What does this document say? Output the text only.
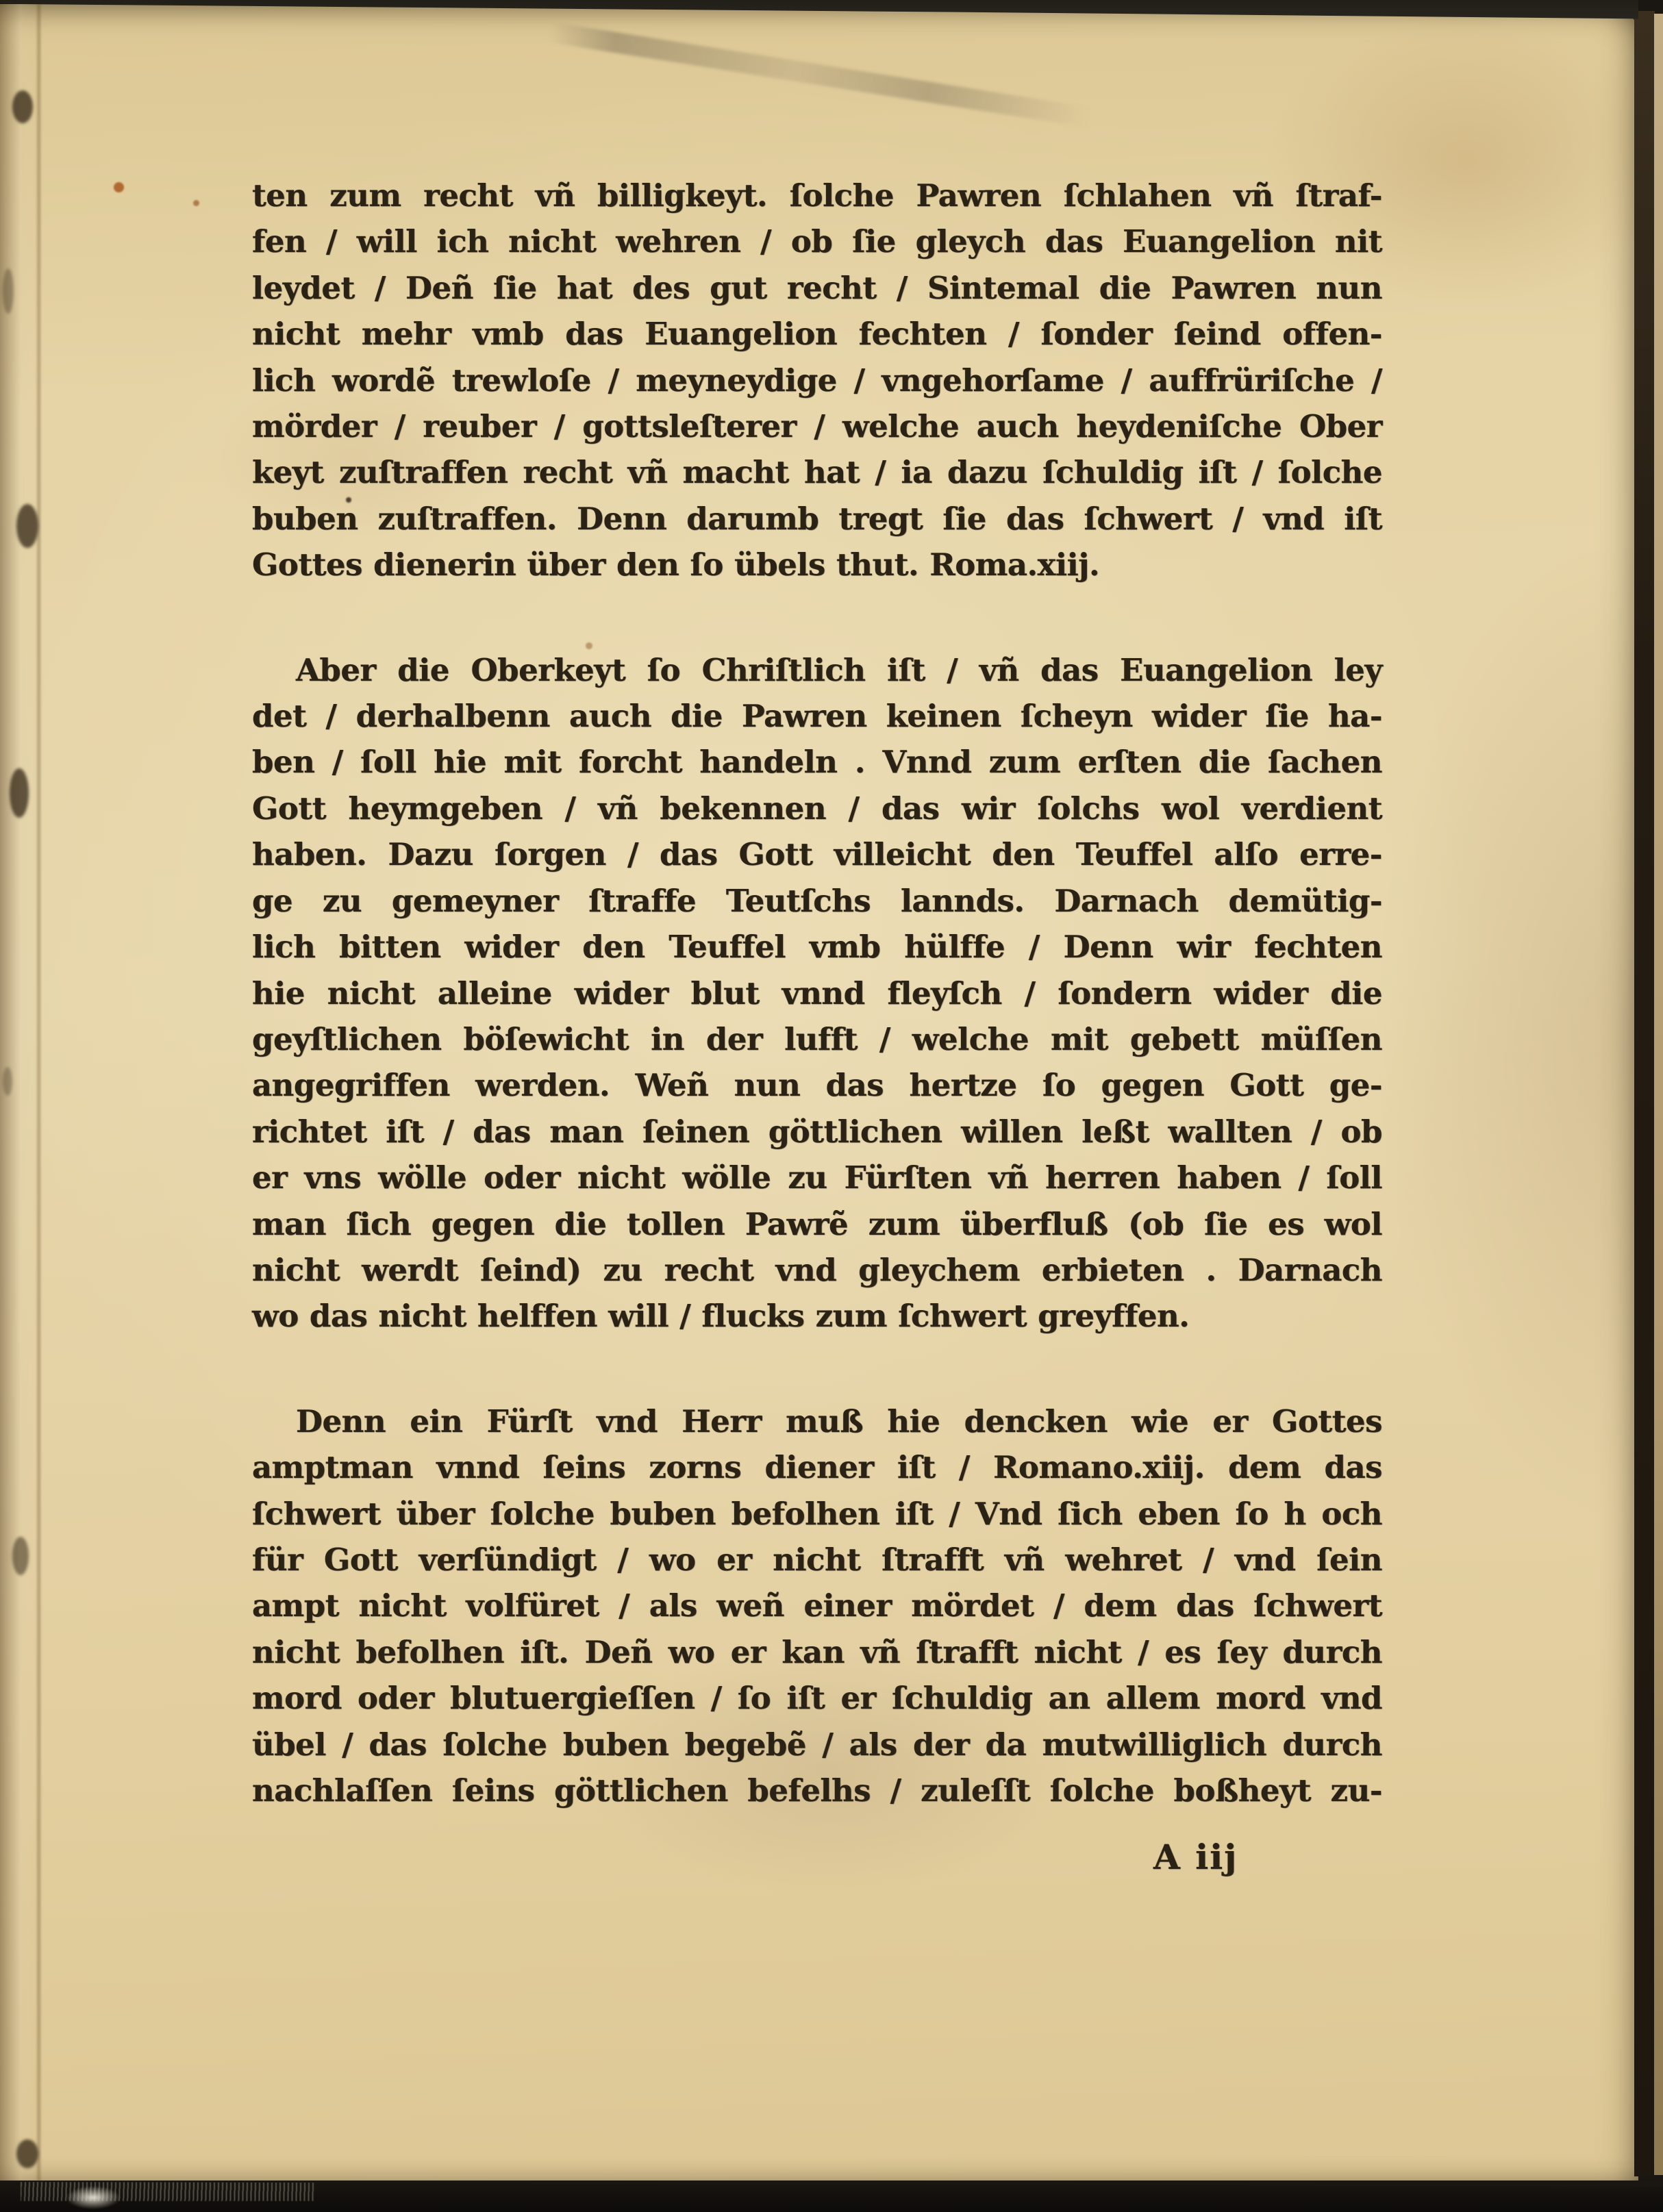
ten zum recht vñ billigkeyt. ſolche Pawren ſchlahen vñ ſtraf-
fen / will ich nicht wehren / ob ſie gleych das Euangelion nit
leydet / Deñ ſie hat des gut recht / Sintemal die Pawren nun
nicht mehr vmb das Euangelion fechten / ſonder ſeind offen-
lich wordẽ trewloſe / meyneydige / vngehorſame / auffrüriſche /
mörder / reuber / gottsleſterer / welche auch heydeniſche Ober
keyt zuſtraffen recht vñ macht hat / ia dazu ſchuldig iſt / ſolche
buben zuſtraffen. Denn darumb tregt ſie das ſchwert / vnd iſt
Gottes dienerin über den ſo übels thut. Roma.xiij.
Aber die Oberkeyt ſo Chriſtlich iſt / vñ das Euangelion ley
det / derhalbenn auch die Pawren keinen ſcheyn wider ſie ha-
ben / ſoll hie mit forcht handeln . Vnnd zum erſten die ſachen
Gott heymgeben / vñ bekennen / das wir ſolchs wol verdient
haben. Dazu ſorgen / das Gott villeicht den Teuffel alſo erre-
ge zu gemeyner ſtraffe Teutſchs lannds. Darnach demütig-
lich bitten wider den Teuffel vmb hülffe / Denn wir fechten
hie nicht alleine wider blut vnnd fleyſch / ſondern wider die
geyſtlichen böſewicht in der lufft / welche mit gebett müſſen
angegriffen werden. Weñ nun das hertze ſo gegen Gott ge-
richtet iſt / das man ſeinen göttlichen willen leßt wallten / ob
er vns wölle oder nicht wölle zu Fürſten vñ herren haben / ſoll
man ſich gegen die tollen Pawrẽ zum überfluß (ob ſie es wol
nicht werdt ſeind) zu recht vnd gleychem erbieten . Darnach
wo das nicht helffen will / flucks zum ſchwert greyffen.
Denn ein Fürſt vnd Herr muß hie dencken wie er Gottes
amptman vnnd ſeins zorns diener iſt / Romano.xiij. dem das
ſchwert über ſolche buben befolhen iſt / Vnd ſich eben ſo h och
für Gott verſündigt / wo er nicht ſtrafft vñ wehret / vnd ſein
ampt nicht volfüret / als weñ einer mördet / dem das ſchwert
nicht befolhen iſt. Deñ wo er kan vñ ſtrafft nicht / es ſey durch
mord oder blutuergieſſen / ſo iſt er ſchuldig an allem mord vnd
übel / das ſolche buben begebẽ / als der da mutwilliglich durch
nachlaſſen ſeins göttlichen befelhs / zuleſſt ſolche boßheyt zu-
A iij
